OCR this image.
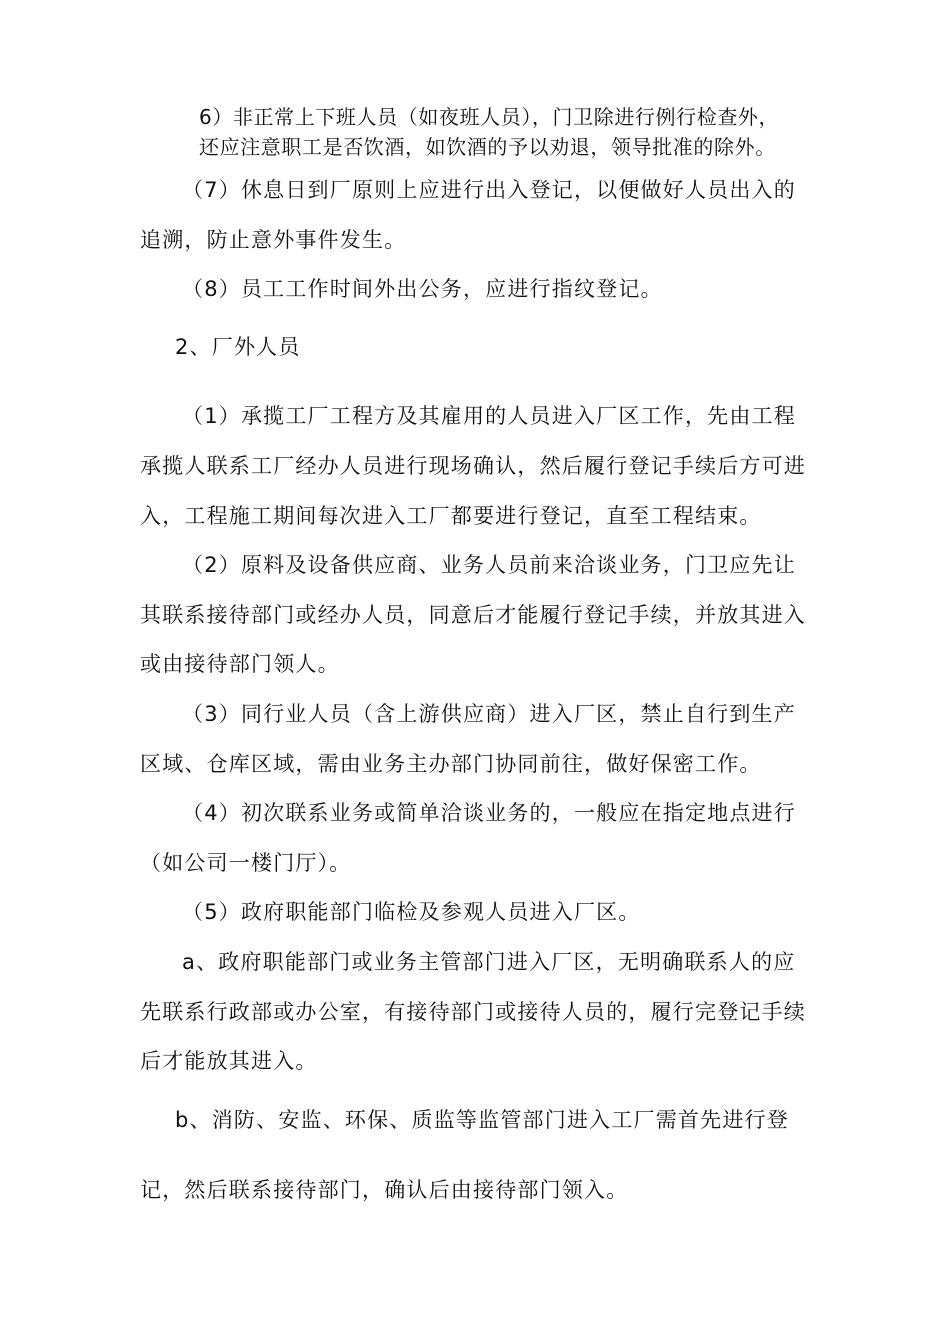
6）非正常上下班人员（如夜班人员），门卫除进行例行检查外，
还应注意职工是否饮酒，如饮酒的予以劝退，领导批准的除外。
（7）休息日到厂原则上应进行出入登记，以便做好人员出入的
追溯，防止意外事件发生。
（8）员工工作时间外出公务，应进行指纹登记。
2、厂外人员
（1）承揽工厂工程方及其雇用的人员进入厂区工作，先由工程
承揽人联系工厂经办人员进行现场确认，然后履行登记手续后方可进
入，工程施工期间每次进入工厂都要进行登记，直至工程结束。
（2）原料及设备供应商、业务人员前来洽谈业务，门卫应先让
其联系接待部门或经办人员，同意后才能履行登记手续，并放其进入
或由接待部门领人。
（3）同行业人员（含上游供应商）进入厂区，禁止自行到生产
区域、仓库区域，需由业务主办部门协同前往，做好保密工作。
（4）初次联系业务或简单洽谈业务的，一般应在指定地点进行
（如公司一楼门厅）。
（5）政府职能部门临检及参观人员进入厂区。
a、政府职能部门或业务主管部门进入厂区，无明确联系人的应
先联系行政部或办公室，有接待部门或接待人员的，履行完登记手续
后才能放其进入。
b、消防、安监、环保、质监等监管部门进入工厂需首先进行登
记，然后联系接待部门，确认后由接待部门领入。
